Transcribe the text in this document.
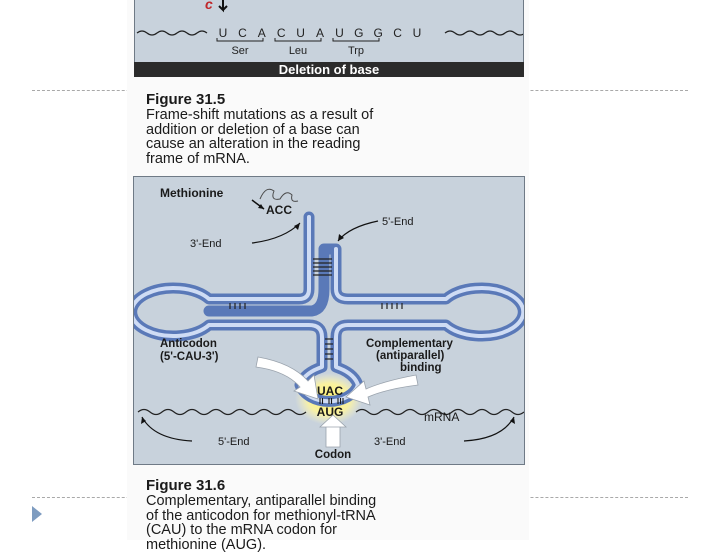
c
U C A C U A U G G C U
Ser	Leu	Trp
Deletion of base
Figure 31.5
Frame-shift mutations as a result of
addition or deletion of a base can
cause an alteration in the reading
frame of mRNA.
Methionine
ACC
5'-End
3'-End
Anticodon
(5'-CAU-3')
Complementary
(antiparallel)
binding
UAC
AUG	mRNA
5'-End	3'-End
Codon
Figure 31.6
Complementary, antiparallel binding
of the anticodon for methionyl-tRNA
(CAU) to the mRNA codon for
methionine (AUG).
